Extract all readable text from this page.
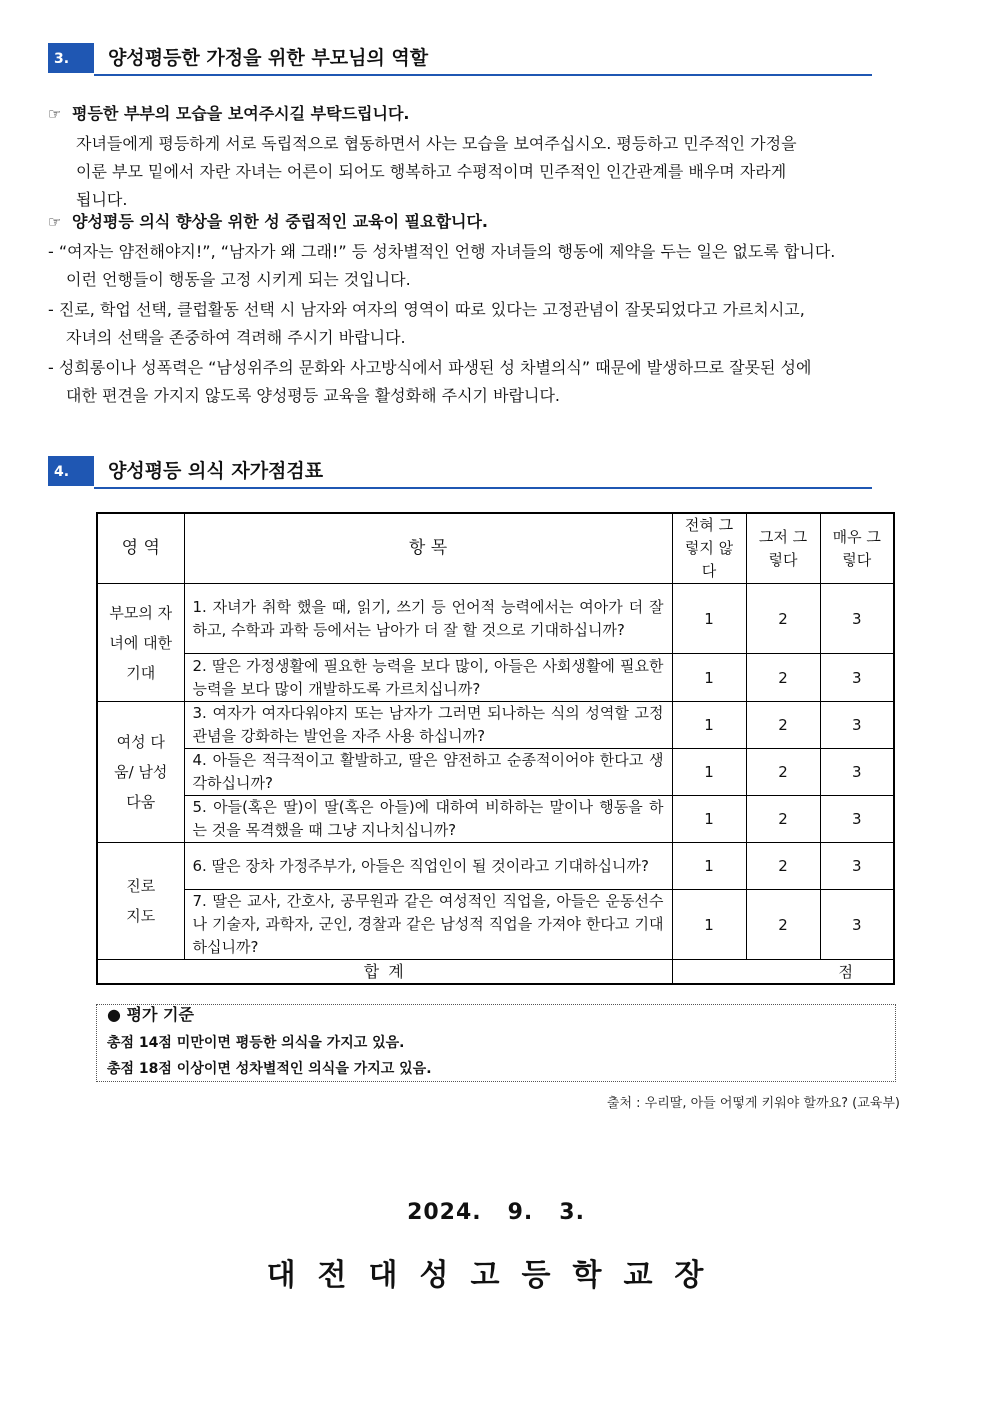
3.	양성평등한 가정을 위한 부모님의 역할
☞ 평등한 부부의 모습을 보여주시길 부탁드립니다.
자녀들에게 평등하게 서로 독립적으로 협동하면서 사는 모습을 보여주십시오. 평등하고 민주적인 가정을
이룬 부모 밑에서 자란 자녀는 어른이 되어도 행복하고 수평적이며 민주적인 인간관계를 배우며 자라게
됩니다.
☞ 양성평등 의식 향상을 위한 성 중립적인 교육이 필요합니다.
- “여자는 얌전해야지!”, “남자가 왜 그래!” 등 성차별적인 언행 자녀들의 행동에 제약을 두는 일은 없도록 합니다.
이런 언행들이 행동을 고정 시키게 되는 것입니다.
- 진로, 학업 선택, 클럽활동 선택 시 남자와 여자의 영역이 따로 있다는 고정관념이 잘못되었다고 가르치시고,
자녀의 선택을 존중하여 격려해 주시기 바랍니다.
- 성희롱이나 성폭력은 “남성위주의 문화와 사고방식에서 파생된 성 차별의식” 때문에 발생하므로 잘못된 성에
대한 편견을 가지지 않도록 양성평등 교육을 활성화해 주시기 바랍니다.
4.	양성평등 의식 자가점검표
영 역	항 목	전혀 그렇지 않다	그저 그렇다	매우 그렇다
부모의 자녀에 대한 기대	1. 자녀가 취학 했을 때, 읽기, 쓰기 등 언어적 능력에서는 여아가 더 잘하고, 수학과 과학 등에서는 남아가 더 잘 할 것으로 기대하십니까?	1	2	3
	2. 딸은 가정생활에 필요한 능력을 보다 많이, 아들은 사회생활에 필요한 능력을 보다 많이 개발하도록 가르치십니까?	1	2	3
여성 다움/ 남성 다움	3. 여자가 여자다워야지 또는 남자가 그러면 되나하는 식의 성역할 고정관념을 강화하는 발언을 자주 사용 하십니까?	1	2	3
	4. 아들은 적극적이고 활발하고, 딸은 얌전하고 순종적이어야 한다고 생각하십니까?	1	2	3
	5. 아들(혹은 딸)이 딸(혹은 아들)에 대하여 비하하는 말이나 행동을 하는 것을 목격했을 때 그냥 지나치십니까?	1	2	3
진로 지도	6. 딸은 장차 가정주부가, 아들은 직업인이 될 것이라고 기대하십니까?	1	2	3
	7. 딸은 교사, 간호사, 공무원과 같은 여성적인 직업을, 아들은 운동선수나 기술자, 과학자, 군인, 경찰과 같은 남성적 직업을 가져야 한다고 기대하십니까?	1	2	3
합 계		점		
● 평가 기준
총점 14점 미만이면 평등한 의식을 가지고 있음.
총점 18점 이상이면 성차별적인 의식을 가지고 있음.
출처 : 우리딸, 아들 어떻게 키워야 할까요? (교육부)
2024.   9.   3.
대전대성고등학교장
